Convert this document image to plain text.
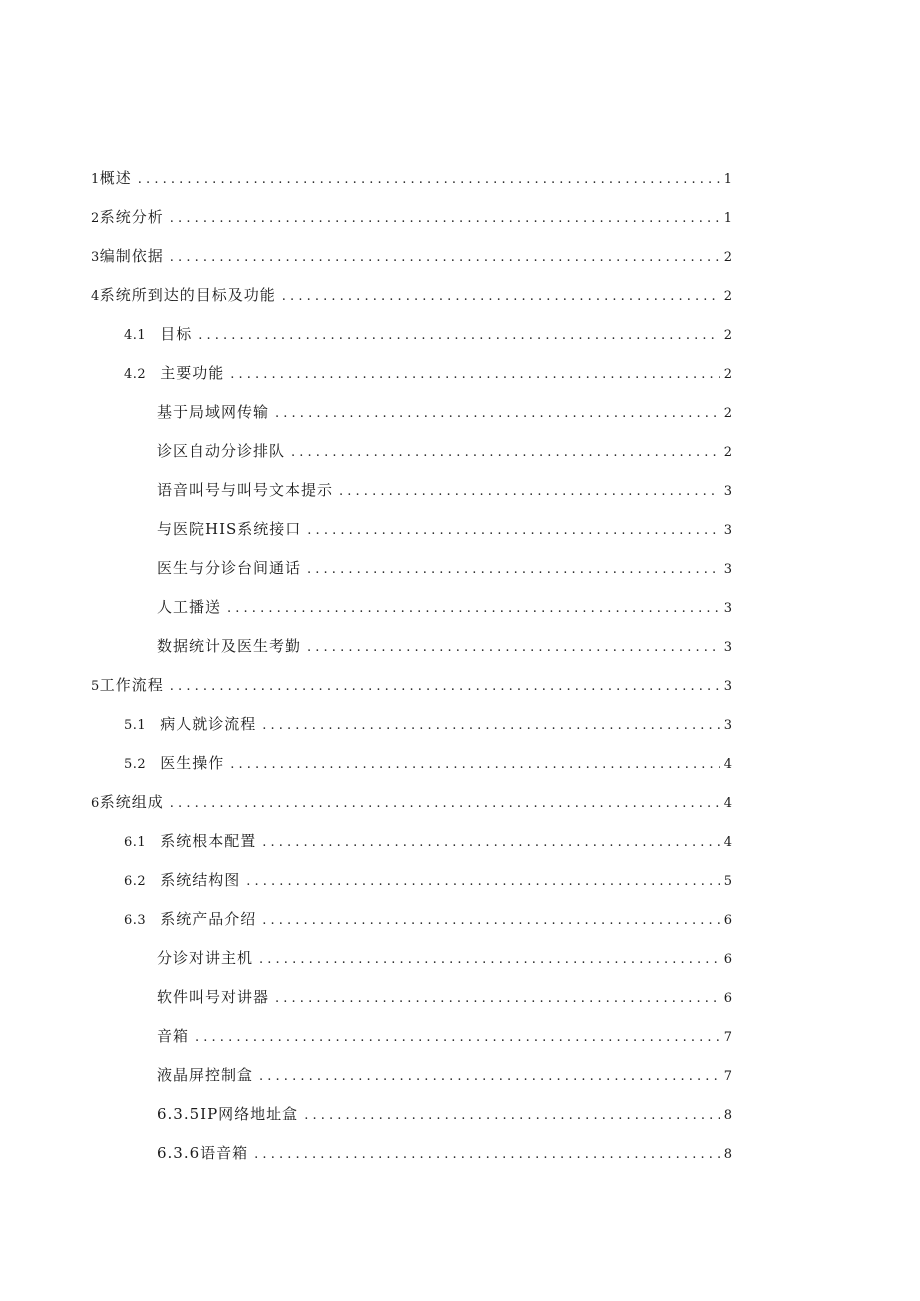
1 概述 . . .	1
2 系统分析 . . .	1
3 编制依据 . . .	2
4 系统所到达的目标及功能 . . .	2
4.1 目标 . . .	2
4.2 主要功能 . . .	2
基于局域网传输 . . .	2
诊区自动分诊排队 . . .	2
语音叫号与叫号文本提示 . . .	3
与医院HIS系统接口 . . .	3
医生与分诊台间通话 . . .	3
人工播送 . . .	3
数据统计及医生考勤 . . .	3
5 工作流程 . . .	3
5.1 病人就诊流程 . . .	3
5.2 医生操作 . . .	4
6 系统组成 . . .	4
6.1 系统根本配置 . . .	4
6.2 系统结构图 . . .	5
6.3 系统产品介绍 . . .	6
分诊对讲主机 . . .	6
软件叫号对讲器 . . .	6
音箱 . . .	7
液晶屏控制盒 . . .	7
6.3.5IP网络地址盒 . . .	8
6.3.6语音箱 . . .	8
